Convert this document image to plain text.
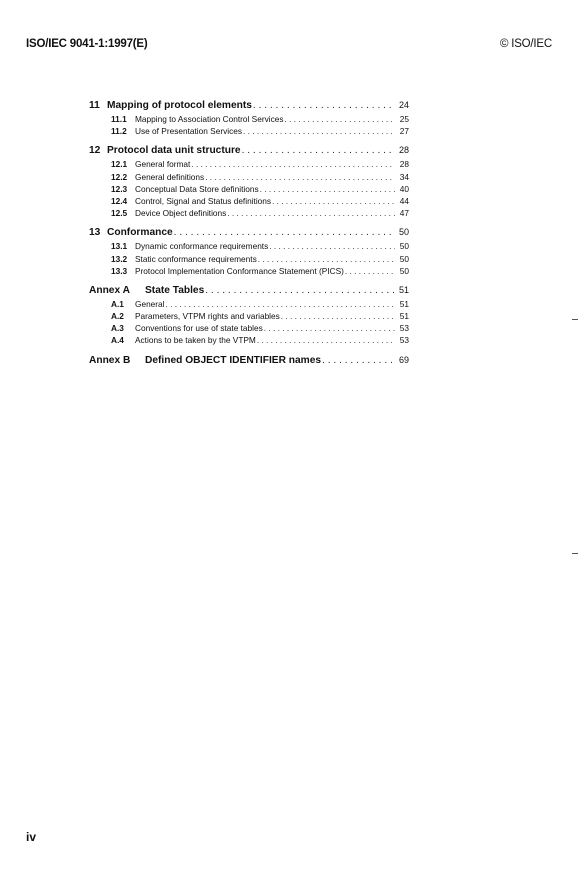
ISO/IEC 9041-1:1997(E)	© ISO/IEC
11 Mapping of protocol elements . . .	24
11.1 Mapping to Association Control Services . . .	25
11.2 Use of Presentation Services . . .	27
12 Protocol data unit structure . . .	28
12.1 General format . . .	28
12.2 General definitions . . .	34
12.3 Conceptual Data Store definitions . . .	40
12.4 Control, Signal and Status definitions . . .	44
12.5 Device Object definitions . . .	47
13 Conformance . . .	50
13.1 Dynamic conformance requirements . . .	50
13.2 Static conformance requirements . . .	50
13.3 Protocol Implementation Conformance Statement (PICS) . . .	50
Annex A	State Tables . . .	51
A.1	General . . .	51
A.2	Parameters, VTPM rights and variables . . .	51
A.3	Conventions for use of state tables . . .	53
A.4	Actions to be taken by the VTPM . . .	53
Annex B	Defined OBJECT IDENTIFIER names . . .	69
iv
